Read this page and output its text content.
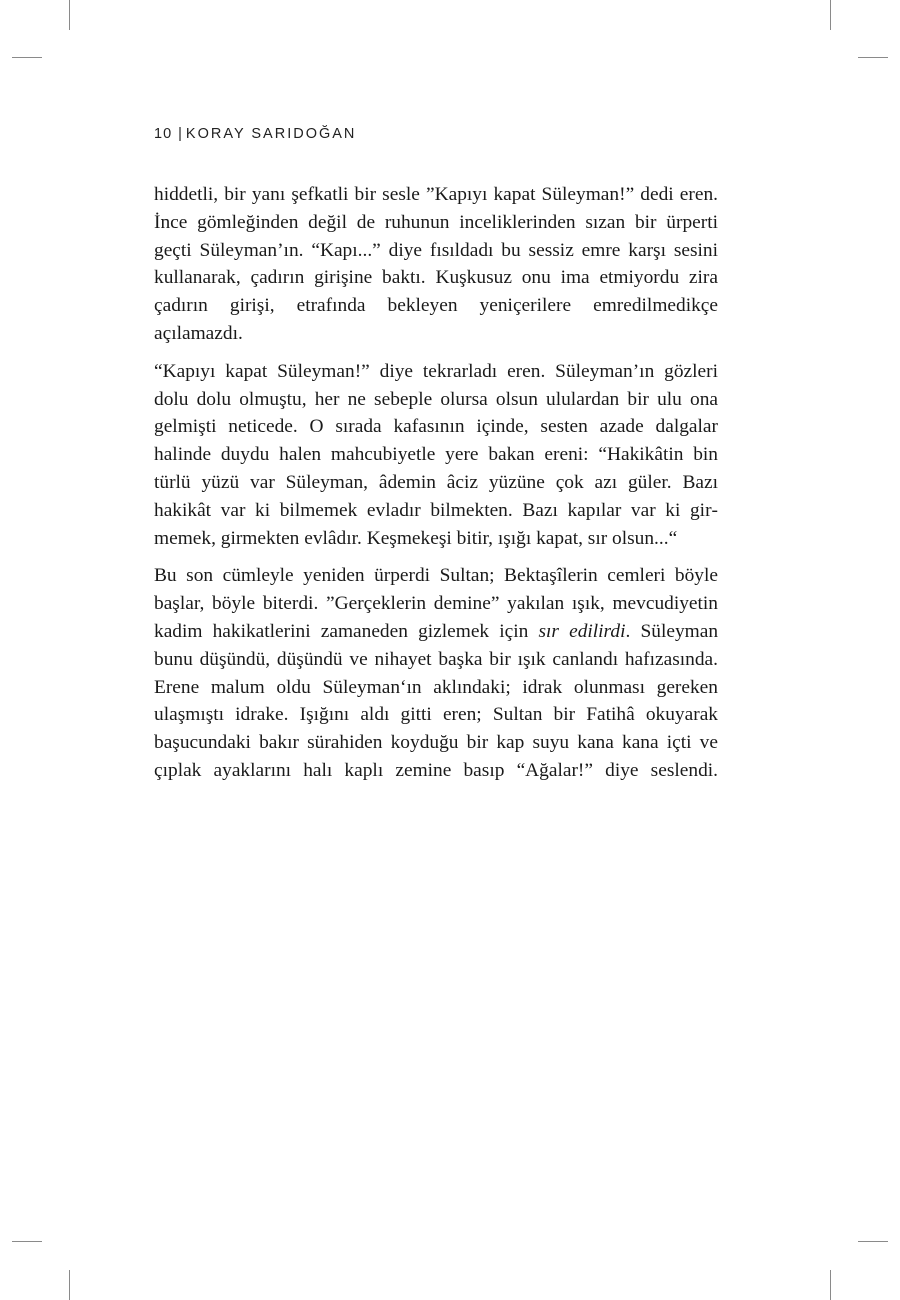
10 | KORAY SARIDOĞAN

hiddetli, bir yanı şefkatli bir sesle ”Kapıyı kapat Süleyman!” dedi eren. İnce gömleğinden değil de ruhunun inceliklerinden sızan bir ürperti geçti Süleyman’ın. “Kapı...” diye fısıldadı bu sessiz emre karşı sesini kullanarak, çadırın girişine baktı. Kuşkusuz onu ima etmiyordu zira çadırın girişi, etrafında bekleyen yeniçerilere emredilmedikçe açılamazdı.

“Kapıyı kapat Süleyman!” diye tekrarladı eren. Süleyman’ın gözleri dolu dolu olmuştu, her ne sebeple olursa olsun ululardan bir ulu ona gelmişti neticede. O sırada kafasının içinde, sesten azade dalgalar halinde duydu halen mahcubiyetle yere bakan ereni: “Hakikâtin bin türlü yüzü var Süleyman, âdemin âciz yüzüne çok azı güler. Bazı hakikât var ki bilmemek evladır bilmekten. Bazı kapılar var ki girmemek, girmekten evlâdır. Keşmekeşi bitir, ışığı kapat, sır olsun...“

Bu son cümleyle yeniden ürperdi Sultan; Bektaşîlerin cemleri böyle başlar, böyle biterdi. ”Gerçeklerin demine” yakılan ışık, mevcudiyetin kadim hakikatlerini zamaneden gizlemek için sır edilirdi. Süleyman bunu düşündü, düşündü ve nihayet başka bir ışık canlandı hafızasında. Erene malum oldu Süleyman‘ın aklındaki; idrak olunması gereken ulaşmıştı idrake. Işığını aldı gitti eren; Sultan bir Fatihâ okuyarak başucundaki bakır sürahiden koyduğu bir kap suyu kana kana içti ve çıplak ayaklarını halı kaplı zemine basıp “Ağalar!” diye seslendi.
